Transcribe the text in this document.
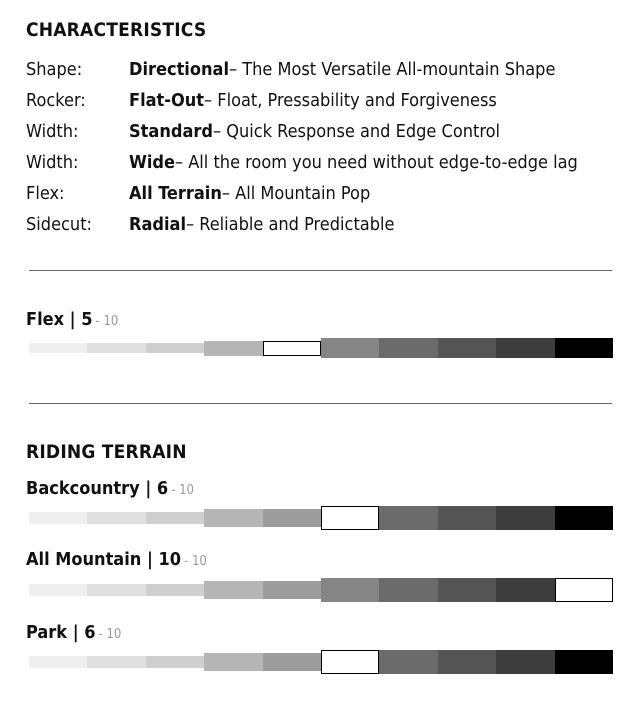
CHARACTERISTICS
Shape:	Directional – The Most Versatile All-mountain Shape
Rocker:	Flat-Out – Float, Pressability and Forgiveness
Width:	Standard – Quick Response and Edge Control
Width:	Wide – All the room you need without edge-to-edge lag
Flex:	All Terrain – All Mountain Pop
Sidecut:	Radial – Reliable and Predictable
Flex | 5 - 10
RIDING TERRAIN
Backcountry | 6 - 10
All Mountain | 10 - 10
Park | 6 - 10
